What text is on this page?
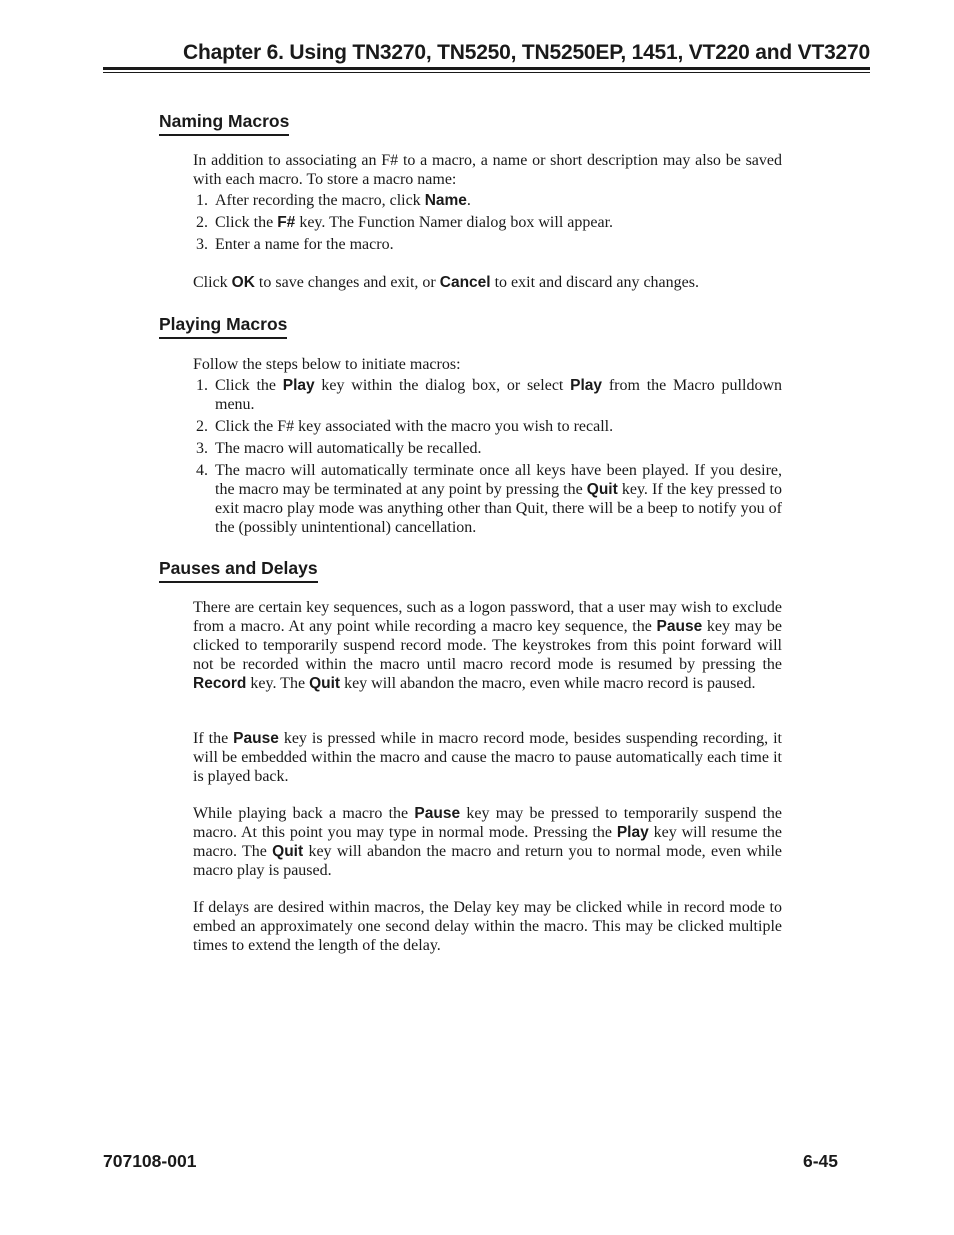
Chapter 6. Using TN3270, TN5250, TN5250EP, 1451, VT220 and VT3270
Naming Macros
In addition to associating an F# to a macro, a name or short description may also be saved with each macro. To store a macro name:
1. After recording the macro, click Name.
2. Click the F# key. The Function Namer dialog box will appear.
3. Enter a name for the macro.
Click OK to save changes and exit, or Cancel to exit and discard any changes.
Playing Macros
Follow the steps below to initiate macros:
1. Click the Play key within the dialog box, or select Play from the Macro pulldown menu.
2. Click the F# key associated with the macro you wish to recall.
3. The macro will automatically be recalled.
4. The macro will automatically terminate once all keys have been played. If you desire, the macro may be terminated at any point by pressing the Quit key. If the key pressed to exit macro play mode was anything other than Quit, there will be a beep to notify you of the (possibly unintentional) cancellation.
Pauses and Delays
There are certain key sequences, such as a logon password, that a user may wish to exclude from a macro. At any point while recording a macro key sequence, the Pause key may be clicked to temporarily suspend record mode. The keystrokes from this point forward will not be recorded within the macro until macro record mode is resumed by pressing the Record key. The Quit key will abandon the macro, even while macro record is paused.
If the Pause key is pressed while in macro record mode, besides suspending recording, it will be embedded within the macro and cause the macro to pause automatically each time it is played back.
While playing back a macro the Pause key may be pressed to temporarily suspend the macro. At this point you may type in normal mode. Pressing the Play key will resume the macro. The Quit key will abandon the macro and return you to normal mode, even while macro play is paused.
If delays are desired within macros, the Delay key may be clicked while in record mode to embed an approximately one second delay within the macro. This may be clicked multiple times to extend the length of the delay.
707108-001	6-45
